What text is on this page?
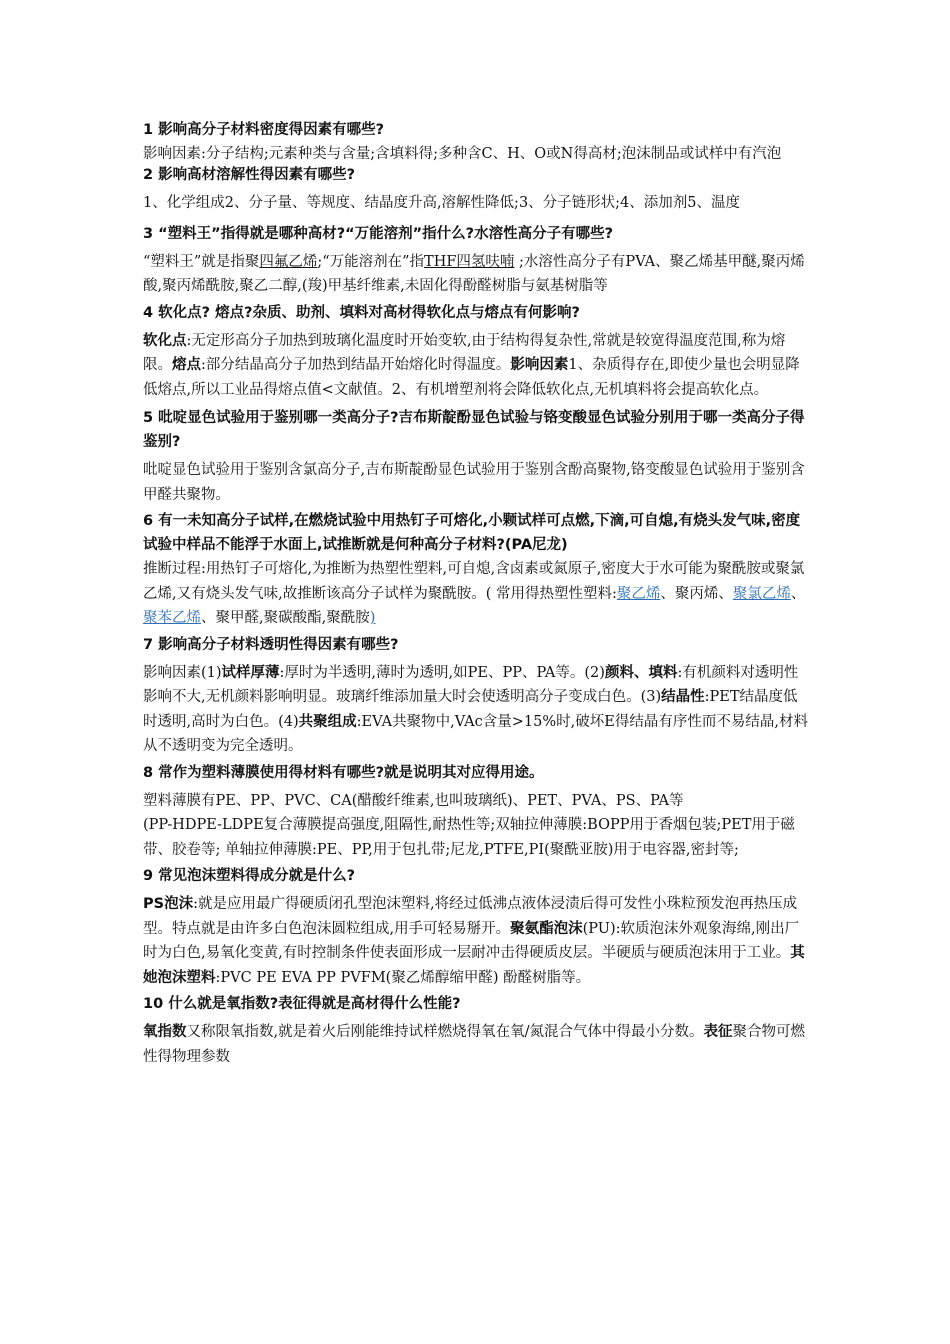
1 影响高分子材料密度得因素有哪些?

影响因素:分子结构;元素种类与含量;含填料得;多种含C、H、O或N得高材;泡沫制品或试样中有汽泡

2 影响高材溶解性得因素有哪些?

1、化学组成2、分子量、等规度、结晶度升高,溶解性降低;3、分子链形状;4、添加剂5、温度

3 “塑料王”指得就是哪种高材?“万能溶剂”指什么?水溶性高分子有哪些?

“塑料王”就是指聚四氟乙烯;“万能溶剂在”指THF四氢呋喃 ;水溶性高分子有PVA、聚乙烯基甲醚,聚丙烯酸,聚丙烯酰胺,聚乙二醇,(羧)甲基纤维素,未固化得酚醛树脂与氨基树脂等

4 软化点? 熔点?杂质、助剂、填料对高材得软化点与熔点有何影响?

软化点:无定形高分子加热到玻璃化温度时开始变软,由于结构得复杂性,常就是较宽得温度范围,称为熔限。熔点:部分结晶高分子加热到结晶开始熔化时得温度。影响因素1、杂质得存在,即使少量也会明显降低熔点,所以工业品得熔点值<文献值。2、有机增塑剂将会降低软化点,无机填料将会提高软化点。

5 吡啶显色试验用于鉴别哪一类高分子?吉布斯靛酚显色试验与铬变酸显色试验分别用于哪一类高分子得鉴别?

吡啶显色试验用于鉴别含氯高分子,吉布斯靛酚显色试验用于鉴别含酚高聚物,铬变酸显色试验用于鉴别含甲醛共聚物。

6 有一未知高分子试样,在燃烧试验中用热钉子可熔化,小颗试样可点燃,下滴,可自熄,有烧头发气味,密度试验中样品不能浮于水面上,试推断就是何种高分子材料?(PA尼龙)

推断过程:用热钉子可熔化,为推断为热塑性塑料,可自熄,含卤素或氮原子,密度大于水可能为聚酰胺或聚氯乙烯,又有烧头发气味,故推断该高分子试样为聚酰胺。( 常用得热塑性塑料:聚乙烯、聚丙烯、聚氯乙烯、聚苯乙烯、聚甲醛,聚碳酸酯,聚酰胺)

7 影响高分子材料透明性得因素有哪些?

影响因素(1)试样厚薄:厚时为半透明,薄时为透明,如PE、PP、PA等。(2)颜料、填料:有机颜料对透明性影响不大,无机颜料影响明显。玻璃纤维添加量大时会使透明高分子变成白色。(3)结晶性:PET结晶度低时透明,高时为白色。(4)共聚组成:EVA共聚物中,VAc含量>15%时,破坏E得结晶有序性而不易结晶,材料从不透明变为完全透明。

8 常作为塑料薄膜使用得材料有哪些?就是说明其对应得用途。

塑料薄膜有PE、PP、PVC、CA(醋酸纤维素,也叫玻璃纸)、PET、PVA、PS、PA等

(PP-HDPE-LDPE复合薄膜提高强度,阻隔性,耐热性等;双轴拉伸薄膜:BOPP用于香烟包装;PET用于磁带、胶卷等; 单轴拉伸薄膜:PE、PP,用于包扎带;尼龙,PTFE,PI(聚酰亚胺)用于电容器,密封等;

9 常见泡沫塑料得成分就是什么?

PS泡沫:就是应用最广得硬质闭孔型泡沫塑料,将经过低沸点液体浸渍后得可发性小珠粒预发泡再热压成型。特点就是由许多白色泡沫圆粒组成,用手可轻易掰开。聚氨酯泡沫(PU):软质泡沫外观象海绵,刚出厂时为白色,易氧化变黄,有时控制条件使表面形成一层耐冲击得硬质皮层。半硬质与硬质泡沫用于工业。其她泡沫塑料:PVC PE EVA PP PVFM(聚乙烯醇缩甲醛) 酚醛树脂等。

10 什么就是氧指数?表征得就是高材得什么性能?

氧指数又称限氧指数,就是着火后刚能维持试样燃烧得氧在氧/氮混合气体中得最小分数。表征聚合物可燃性得物理参数
